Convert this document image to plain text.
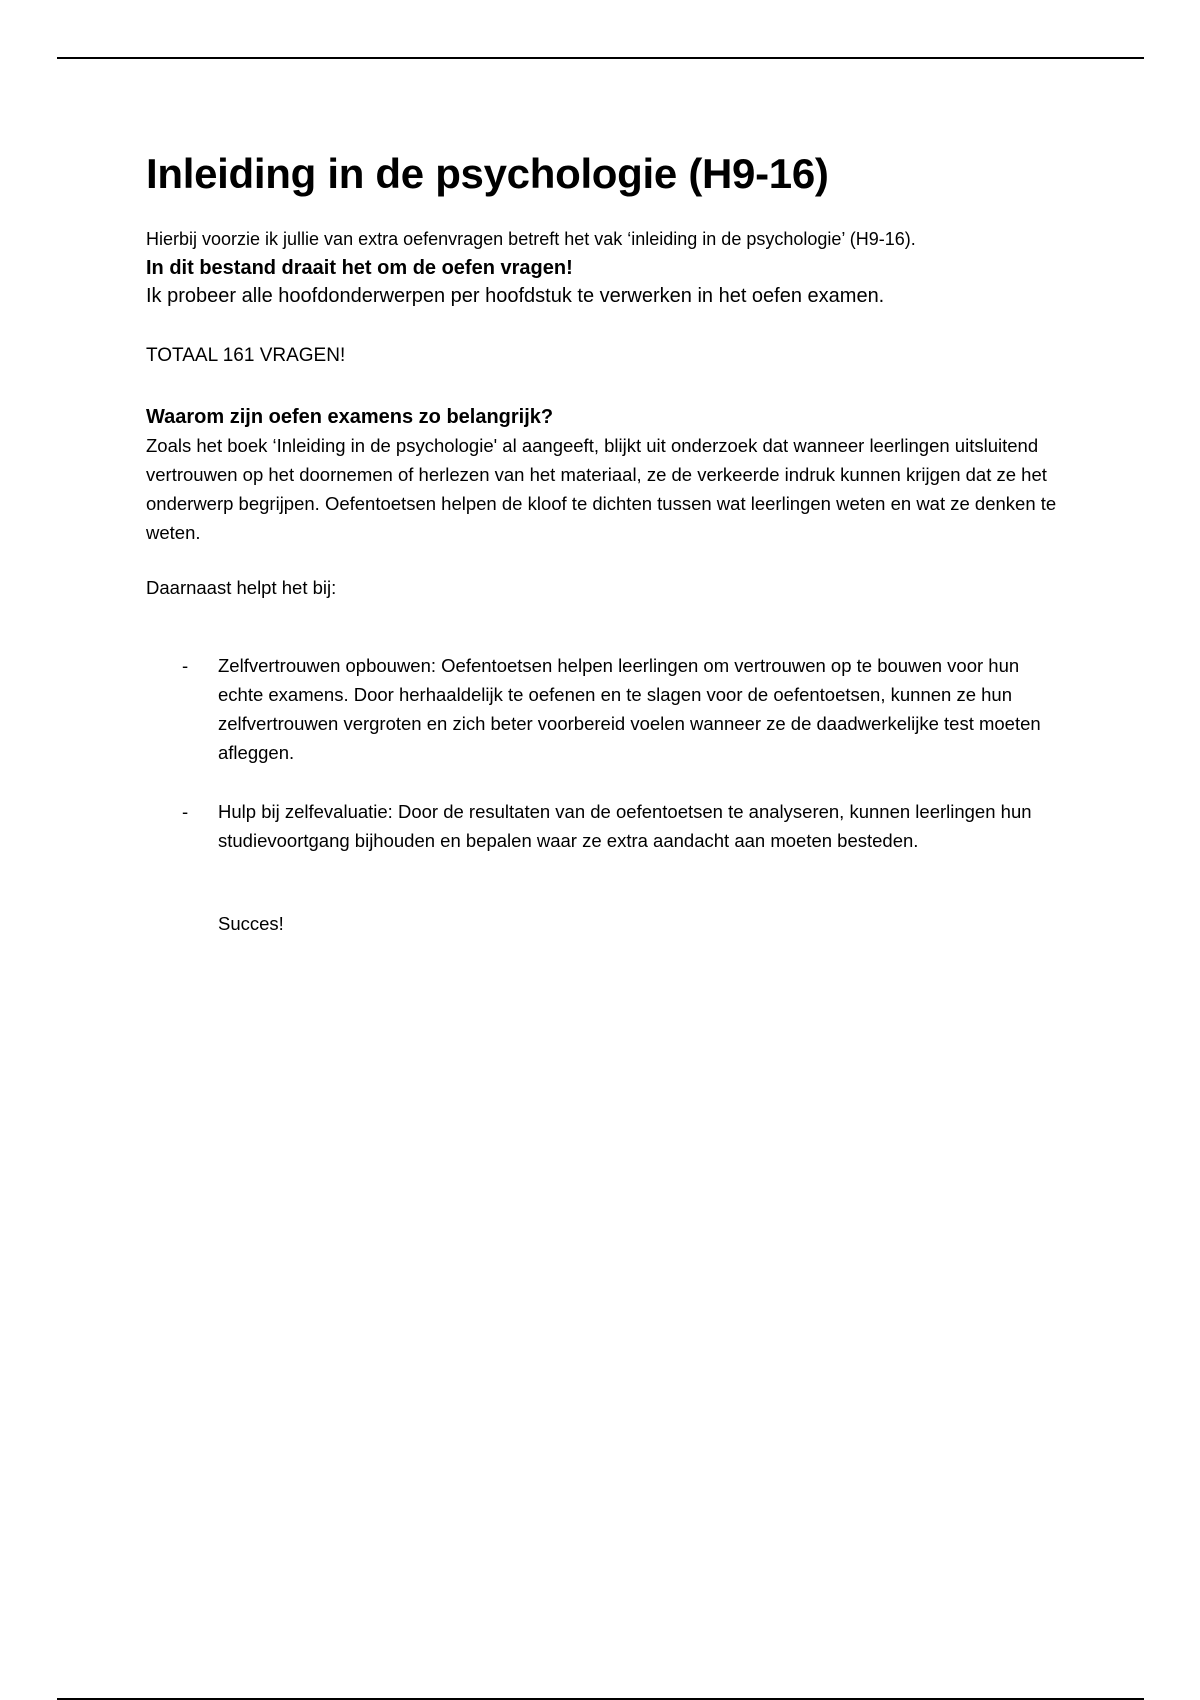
Inleiding in de psychologie (H9-16)

Hierbij voorzie ik jullie van extra oefenvragen betreft het vak ‘inleiding in de psychologie’ (H9-16).

In dit bestand draait het om de oefen vragen!

Ik probeer alle hoofdonderwerpen per hoofdstuk te verwerken in het oefen examen.

TOTAAL 161 VRAGEN!

Waarom zijn oefen examens zo belangrijk?

Zoals het boek ‘Inleiding in de psychologie' al aangeeft, blijkt uit onderzoek dat wanneer leerlingen uitsluitend vertrouwen op het doornemen of herlezen van het materiaal, ze de verkeerde indruk kunnen krijgen dat ze het onderwerp begrijpen. Oefentoetsen helpen de kloof te dichten tussen wat leerlingen weten en wat ze denken te weten.

Daarnaast helpt het bij:

- Zelfvertrouwen opbouwen: Oefentoetsen helpen leerlingen om vertrouwen op te bouwen voor hun echte examens. Door herhaaldelijk te oefenen en te slagen voor de oefentoetsen, kunnen ze hun zelfvertrouwen vergroten en zich beter voorbereid voelen wanneer ze de daadwerkelijke test moeten afleggen.
- Hulp bij zelfevaluatie: Door de resultaten van de oefentoetsen te analyseren, kunnen leerlingen hun studievoortgang bijhouden en bepalen waar ze extra aandacht aan moeten besteden.

Succes!
